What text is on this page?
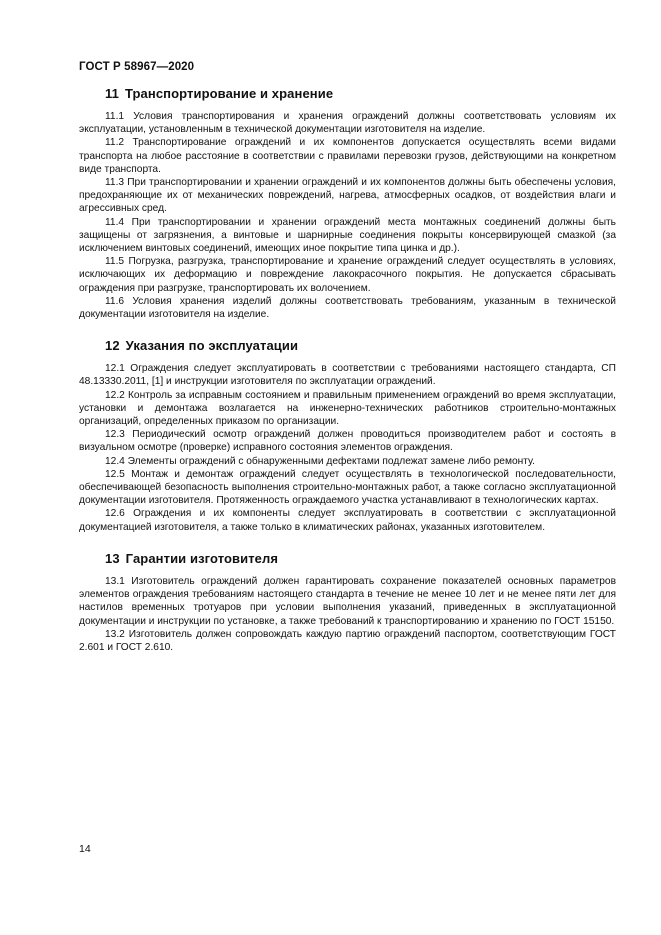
ГОСТ Р 58967—2020
11 Транспортирование и хранение

11.1 Условия транспортирования и хранения ограждений должны соответствовать условиям их эксплуатации, установленным в технической документации изготовителя на изделие.

11.2 Транспортирование ограждений и их компонентов допускается осуществлять всеми видами транспорта на любое расстояние в соответствии с правилами перевозки грузов, действующими на конкретном виде транспорта.

11.3 При транспортировании и хранении ограждений и их компонентов должны быть обеспечены условия, предохраняющие их от механических повреждений, нагрева, атмосферных осадков, от воздействия влаги и агрессивных сред.

11.4 При транспортировании и хранении ограждений места монтажных соединений должны быть защищены от загрязнения, а винтовые и шарнирные соединения покрыты консервирующей смазкой (за исключением винтовых соединений, имеющих иное покрытие типа цинка и др.).

11.5 Погрузка, разгрузка, транспортирование и хранение ограждений следует осуществлять в условиях, исключающих их деформацию и повреждение лакокрасочного покрытия. Не допускается сбрасывать ограждения при разгрузке, транспортировать их волочением.

11.6 Условия хранения изделий должны соответствовать требованиям, указанным в технической документации изготовителя на изделие.

12 Указания по эксплуатации

12.1 Ограждения следует эксплуатировать в соответствии с требованиями настоящего стандарта, СП 48.13330.2011, [1] и инструкции изготовителя по эксплуатации ограждений.

12.2 Контроль за исправным состоянием и правильным применением ограждений во время эксплуатации, установки и демонтажа возлагается на инженерно-технических работников строительно-монтажных организаций, определенных приказом по организации.

12.3 Периодический осмотр ограждений должен проводиться производителем работ и состоять в визуальном осмотре (проверке) исправного состояния элементов ограждения.

12.4 Элементы ограждений с обнаруженными дефектами подлежат замене либо ремонту.

12.5 Монтаж и демонтаж ограждений следует осуществлять в технологической последовательности, обеспечивающей безопасность выполнения строительно-монтажных работ, а также согласно эксплуатационной документации изготовителя. Протяженность ограждаемого участка устанавливают в технологических картах.

12.6 Ограждения и их компоненты следует эксплуатировать в соответствии с эксплуатационной документацией изготовителя, а также только в климатических районах, указанных изготовителем.

13 Гарантии изготовителя

13.1 Изготовитель ограждений должен гарантировать сохранение показателей основных параметров элементов ограждения требованиям настоящего стандарта в течение не менее 10 лет и не менее пяти лет для настилов временных тротуаров при условии выполнения указаний, приведенных в эксплуатационной документации и инструкции по установке, а также требований к транспортированию и хранению по ГОСТ 15150.

13.2 Изготовитель должен сопровождать каждую партию ограждений паспортом, соответствующим ГОСТ 2.601 и ГОСТ 2.610.

14
